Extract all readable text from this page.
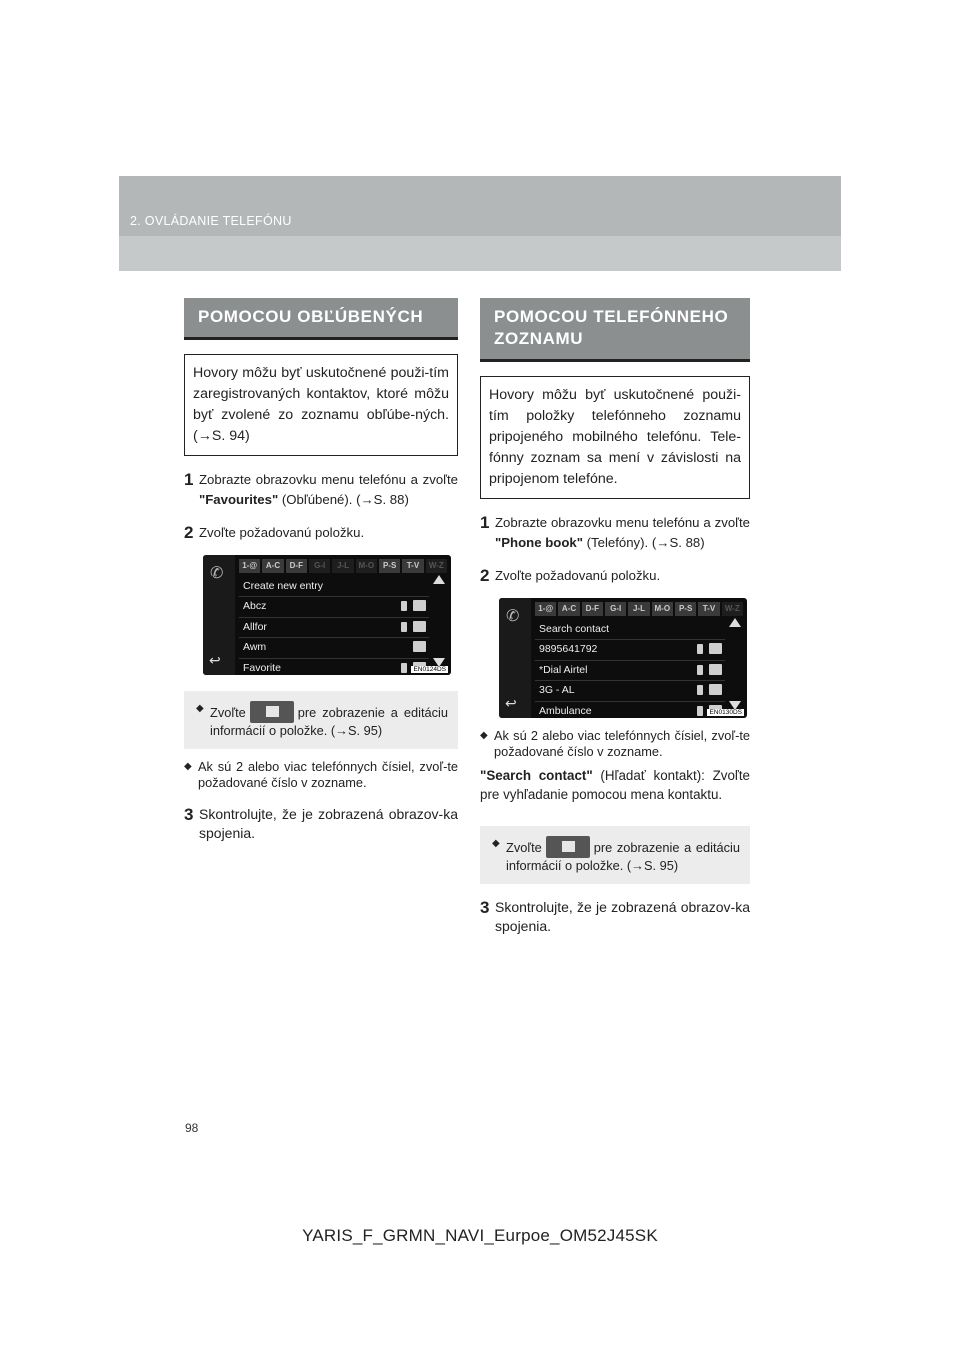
2. OVLÁDANIE TELEFÓNU
POMOCOU OBĽÚBENÝCH
Hovory môžu byť uskutočnené použi-tím zaregistrovaných kontaktov, ktoré môžu byť zvolené zo zoznamu obľúbe-ných. (→S. 94)
1 Zobrazte obrazovku menu telefónu a zvoľte "Favourites" (Obľúbené). (→S. 88)
2 Zvoľte požadovanú položku.
✆
↩
1-@	A-C	D-F	G-I	J-L	M-O	P-S	T-V	W-Z
Create new entry
Abcz
Allfor
Awm
Favorite	EN0124DS
◆ Zvoľte	pre zobrazenie a editáciu informácií o položke. (→S. 95)
◆ Ak sú 2 alebo viac telefónnych čísiel, zvoľ-te požadované číslo v zozname.
3 Skontrolujte, že je zobrazená obrazov-ka spojenia.
POMOCOU TELEFÓNNEHO ZOZNAMU
Hovory môžu byť uskutočnené použi-tím položky telefónneho zoznamu pripojeného mobilného telefónu. Tele-fónny zoznam sa mení v závislosti na pripojenom telefóne.
1 Zobrazte obrazovku menu telefónu a zvoľte "Phone book" (Telefóny). (→S. 88)
2 Zvoľte požadovanú položku.
✆
↩
1-@	A-C	D-F	G-I	J-L	M-O	P-S	T-V	W-Z
Search contact
9895641792
*Dial Airtel
3G - AL
Ambulance	EN0130DS
◆ Ak sú 2 alebo viac telefónnych čísiel, zvoľ-te požadované číslo v zozname.
"Search contact" (Hľadať kontakt): Zvoľte pre vyhľadanie pomocou mena kontaktu.
◆ Zvoľte	pre zobrazenie a editáciu informácií o položke. (→S. 95)
3 Skontrolujte, že je zobrazená obrazov-ka spojenia.
98
YARIS_F_GRMN_NAVI_Eurpoe_OM52J45SK
